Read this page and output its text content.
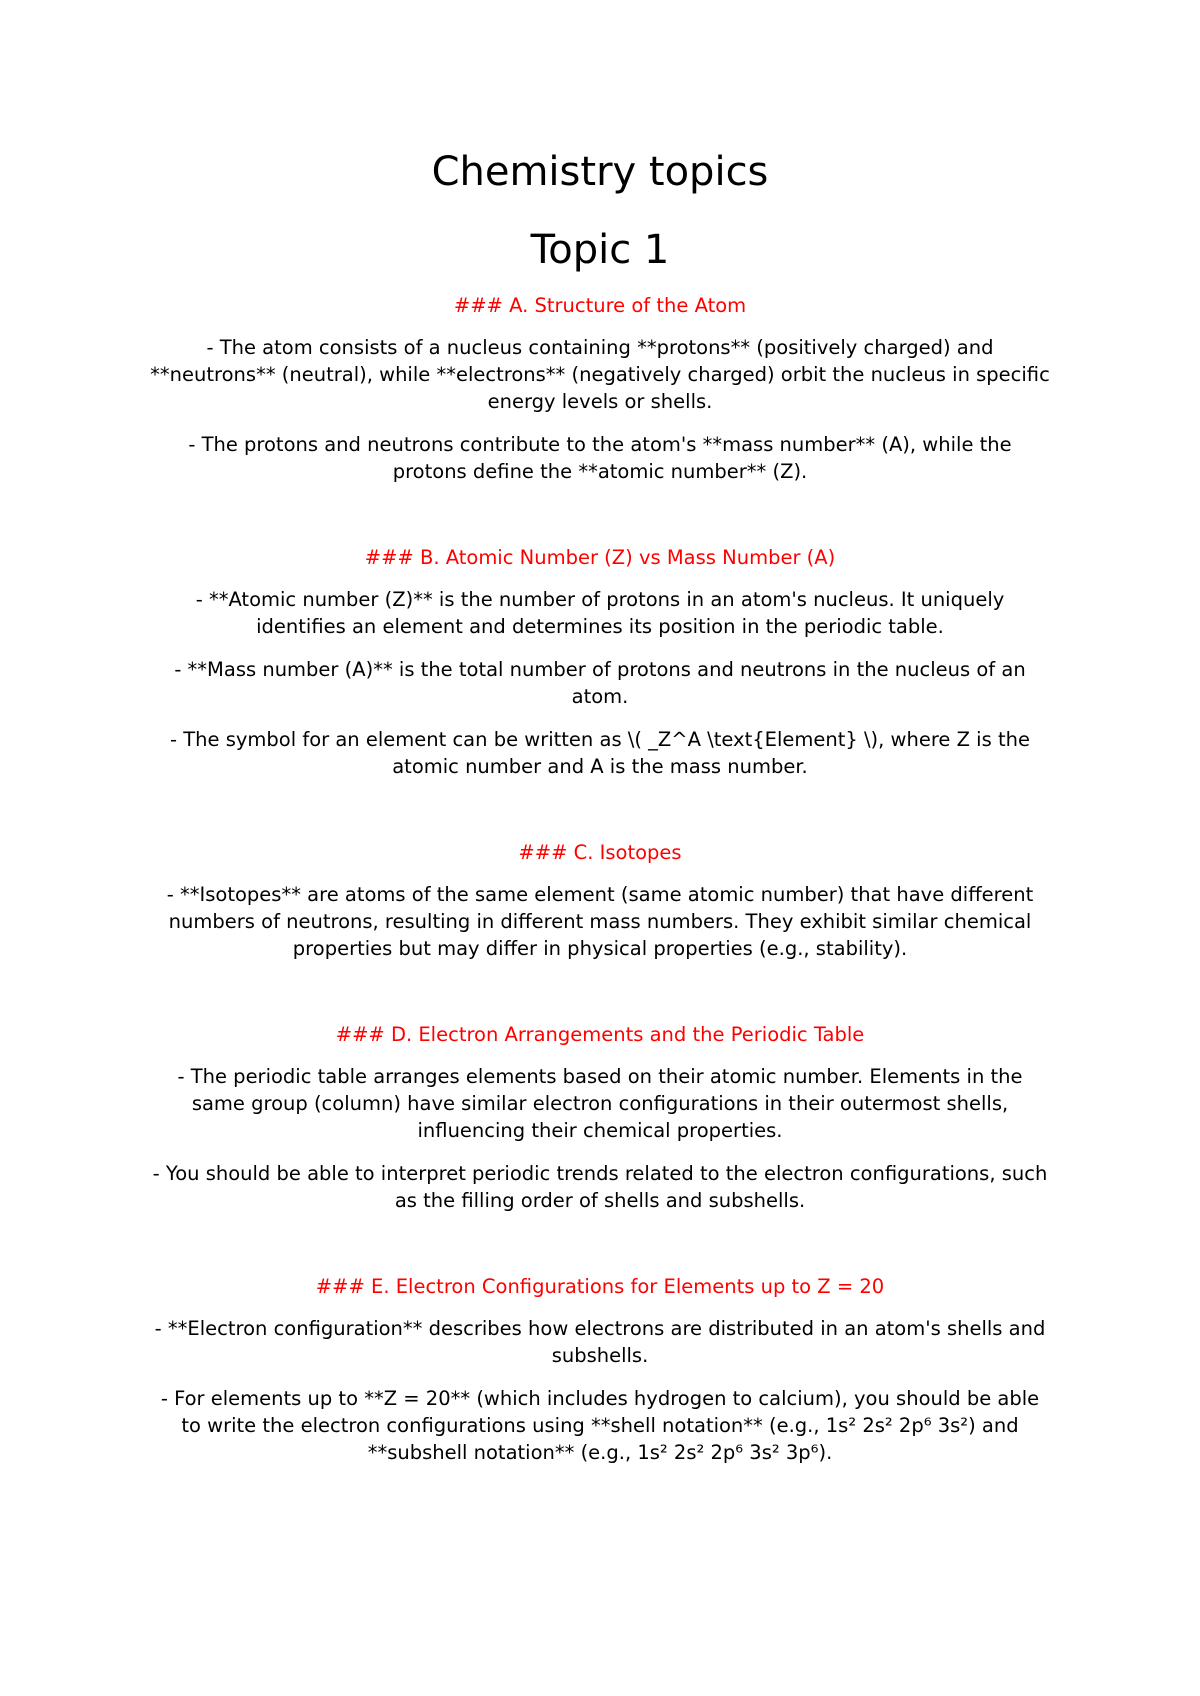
Chemistry topics
Topic 1
### A. Structure of the Atom

- The atom consists of a nucleus containing **protons** (positively charged) and **neutrons** (neutral), while **electrons** (negatively charged) orbit the nucleus in specific energy levels or shells.

- The protons and neutrons contribute to the atom's **mass number** (A), while the protons define the **atomic number** (Z).

### B. Atomic Number (Z) vs Mass Number (A)

- **Atomic number (Z)** is the number of protons in an atom's nucleus. It uniquely identifies an element and determines its position in the periodic table.

- **Mass number (A)** is the total number of protons and neutrons in the nucleus of an atom.

- The symbol for an element can be written as \( _Z^A \text{Element} \), where Z is the atomic number and A is the mass number.

### C. Isotopes

- **Isotopes** are atoms of the same element (same atomic number) that have different numbers of neutrons, resulting in different mass numbers. They exhibit similar chemical properties but may differ in physical properties (e.g., stability).

### D. Electron Arrangements and the Periodic Table

- The periodic table arranges elements based on their atomic number. Elements in the same group (column) have similar electron configurations in their outermost shells, influencing their chemical properties.

- You should be able to interpret periodic trends related to the electron configurations, such as the filling order of shells and subshells.

### E. Electron Configurations for Elements up to Z = 20

- **Electron configuration** describes how electrons are distributed in an atom's shells and subshells.

- For elements up to **Z = 20** (which includes hydrogen to calcium), you should be able to write the electron configurations using **shell notation** (e.g., 1s² 2s² 2p⁶ 3s²) and **subshell notation** (e.g., 1s² 2s² 2p⁶ 3s² 3p⁶).
